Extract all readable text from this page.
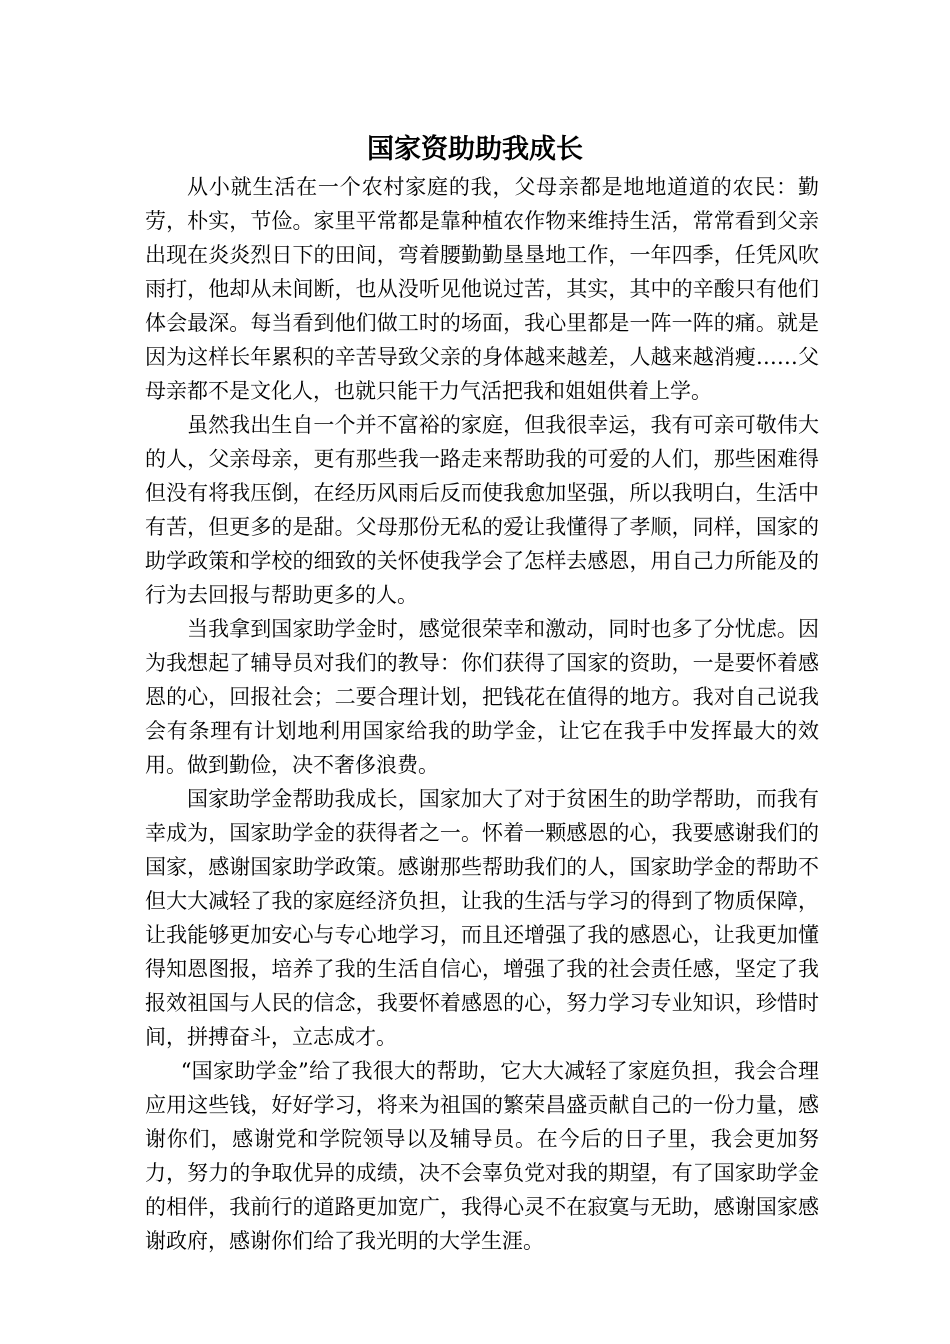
国家资助助我成长

从小就生活在一个农村家庭的我，父母亲都是地地道道的农民：勤劳，朴实，节俭。家里平常都是靠种植农作物来维持生活，常常看到父亲出现在炎炎烈日下的田间，弯着腰勤勤垦垦地工作，一年四季，任凭风吹雨打，他却从未间断，也从没听见他说过苦，其实，其中的辛酸只有他们体会最深。每当看到他们做工时的场面，我心里都是一阵一阵的痛。就是因为这样长年累积的辛苦导致父亲的身体越来越差，人越来越消瘦……父母亲都不是文化人，也就只能干力气活把我和姐姐供着上学。

虽然我出生自一个并不富裕的家庭，但我很幸运，我有可亲可敬伟大的人，父亲母亲，更有那些我一路走来帮助我的可爱的人们，那些困难得但没有将我压倒，在经历风雨后反而使我愈加坚强，所以我明白，生活中有苦，但更多的是甜。父母那份无私的爱让我懂得了孝顺，同样，国家的助学政策和学校的细致的关怀使我学会了怎样去感恩，用自己力所能及的行为去回报与帮助更多的人。

当我拿到国家助学金时，感觉很荣幸和激动，同时也多了分忧虑。因为我想起了辅导员对我们的教导：你们获得了国家的资助，一是要怀着感恩的心，回报社会；二要合理计划，把钱花在值得的地方。我对自己说我会有条理有计划地利用国家给我的助学金，让它在我手中发挥最大的效用。做到勤俭，决不奢侈浪费。

国家助学金帮助我成长，国家加大了对于贫困生的助学帮助，而我有幸成为，国家助学金的获得者之一。怀着一颗感恩的心，我要感谢我们的国家，感谢国家助学政策。感谢那些帮助我们的人，国家助学金的帮助不但大大减轻了我的家庭经济负担，让我的生活与学习的得到了物质保障，让我能够更加安心与专心地学习，而且还增强了我的感恩心，让我更加懂得知恩图报，培养了我的生活自信心，增强了我的社会责任感，坚定了我报效祖国与人民的信念，我要怀着感恩的心，努力学习专业知识，珍惜时间，拼搏奋斗，立志成才。

“国家助学金”给了我很大的帮助，它大大减轻了家庭负担，我会合理应用这些钱，好好学习，将来为祖国的繁荣昌盛贡献自己的一份力量，感谢你们，感谢党和学院领导以及辅导员。在今后的日子里，我会更加努力，努力的争取优异的成绩，决不会辜负党对我的期望，有了国家助学金的相伴，我前行的道路更加宽广，我得心灵不在寂寞与无助，感谢国家感谢政府，感谢你们给了我光明的大学生涯。
